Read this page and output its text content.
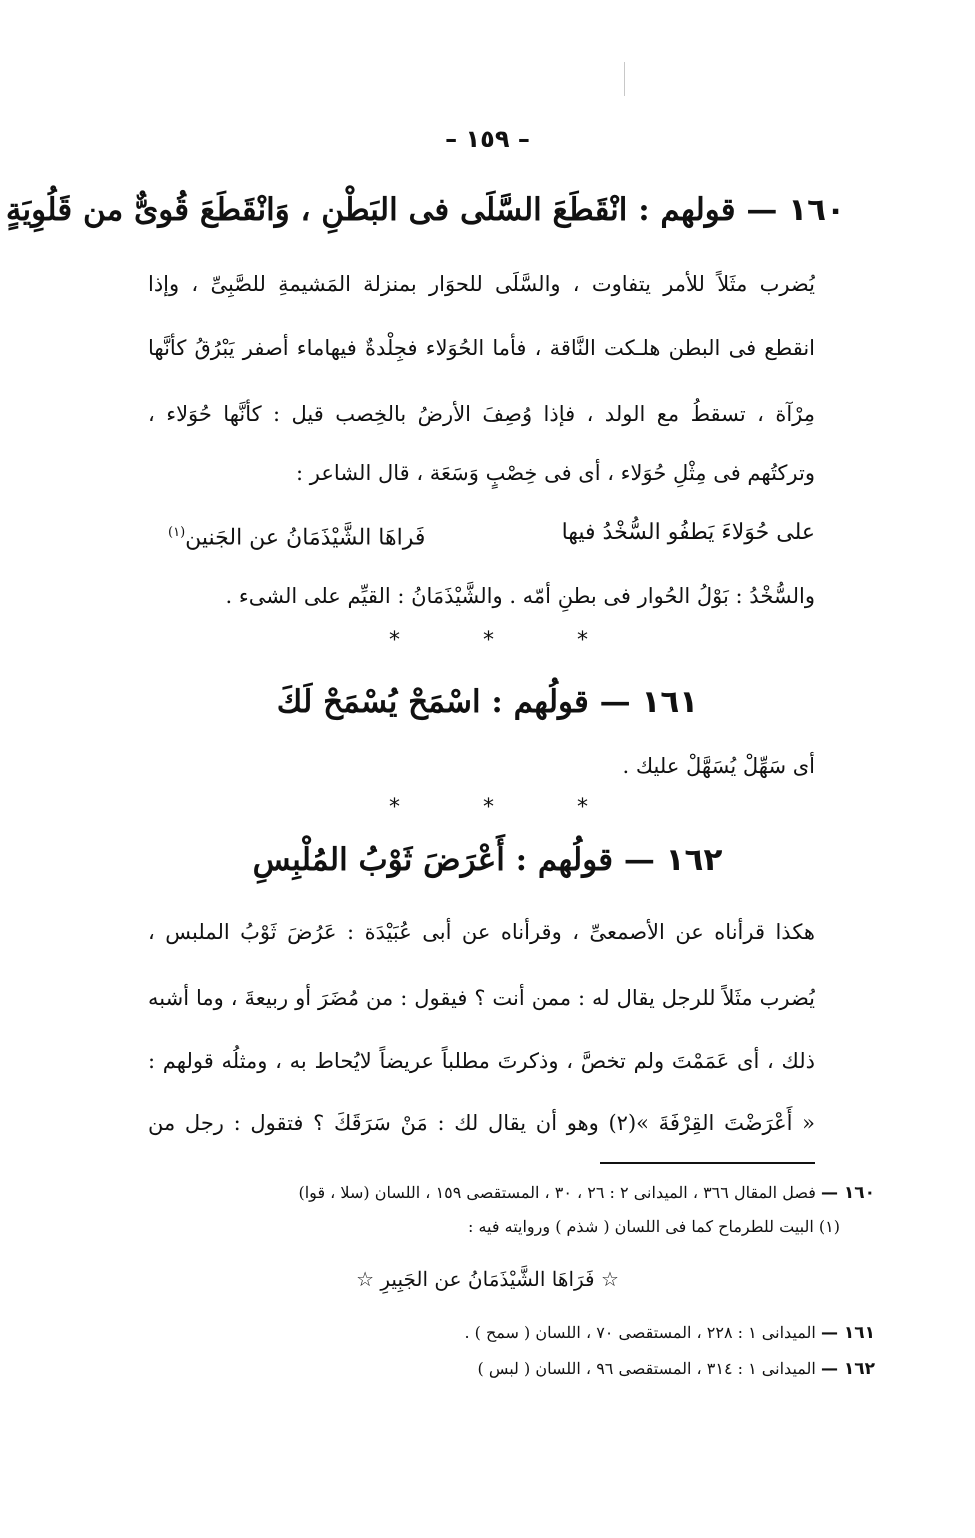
– ١٥٩ –
١٦٠ — قولهم : انْقَطَعَ السَّلَى فى البَطْنِ ، وَانْقَطَعَ قُوىٌّ من قَلُوِيَةٍ
يُضرب مثَلاً للأمر يتفاوت ، والسَّلَى للحوَار بمنزلة المَشيمةِ للصَّبِىِّ ، وإذا
انقطع فى البطن هلـكت النَّاقة ، فأما الحُوَلاء فجِلْدةٌ فيهاماء أصفر يَبْرُقُ كأنَّها
مِرْآة ، تسقطُ مع الولد ، فإذا وُصِفَ الأرضُ بالخِصب قيل : كأنَّها حُوَلاء ،
وتركتُهم فى مِثْلِ حُوَلاء ، أى فى خِصْبٍ وَسَعَة ، قال الشاعر :
على حُوَلاءَ يَطفُو السُّخْدُ فيها
فَراهَا الشَّيْذَمَانُ عن الجَنين$^{(١)}$
والسُّخْدُ : بَوْلُ الحُوار فى بطنِ أمّه . والشَّيْذَمَانُ : القيِّم على الشىء .
* * *
١٦١ — قولُهم : اسْمَحْ يُسْمَحْ لَكَ
أى سَهِّلْ يُسَهَّلْ عليك .
* * *
١٦٢ — قولُهم : أَعْرَضَ ثَوْبُ المُلْبِسِ
هكذا قرأناه عن الأصمعىِّ ، وقرأناه عن أبى عُبَيْدَة : عَرُضَ ثَوْبُ الملبس ،
يُضرب مثَلاً للرجل يقال له : ممن أنت ؟ فيقول : من مُضَرَ أو ربيعةَ ، وما أشبه
ذلك ، أى عَمَمْتَ ولم تخصَّ ، وذكرتَ مطلباً عريضاً لايُحاط به ، ومثلُه قولهم :
« أَعْرَضْتَ القِرْفَةَ »(٢) وهو أن يقال لك : مَنْ سَرَقَكَ ؟ فتقول : رجل من
١٦٠ — فصل المقال ٣٦٦ ، الميدانى ٢ : ٢٦ ، ٣٠ ، المستقصى ١٥٩ ، اللسان (سلا ، قوا)
(١) البيت للطرماح كما فى اللسان ( شذم ) وروايته فيه :
☆ فَرَاهَا الشَّيْذَمَانُ عن الجَبِيرِ ☆
١٦١ — الميدانى ١ : ٢٢٨ ، المستقصى ٧٠ ، اللسان ( سمح ) .
١٦٢ — الميدانى ١ : ٣١٤ ، المستقصى ٩٦ ، اللسان ( لبس )
